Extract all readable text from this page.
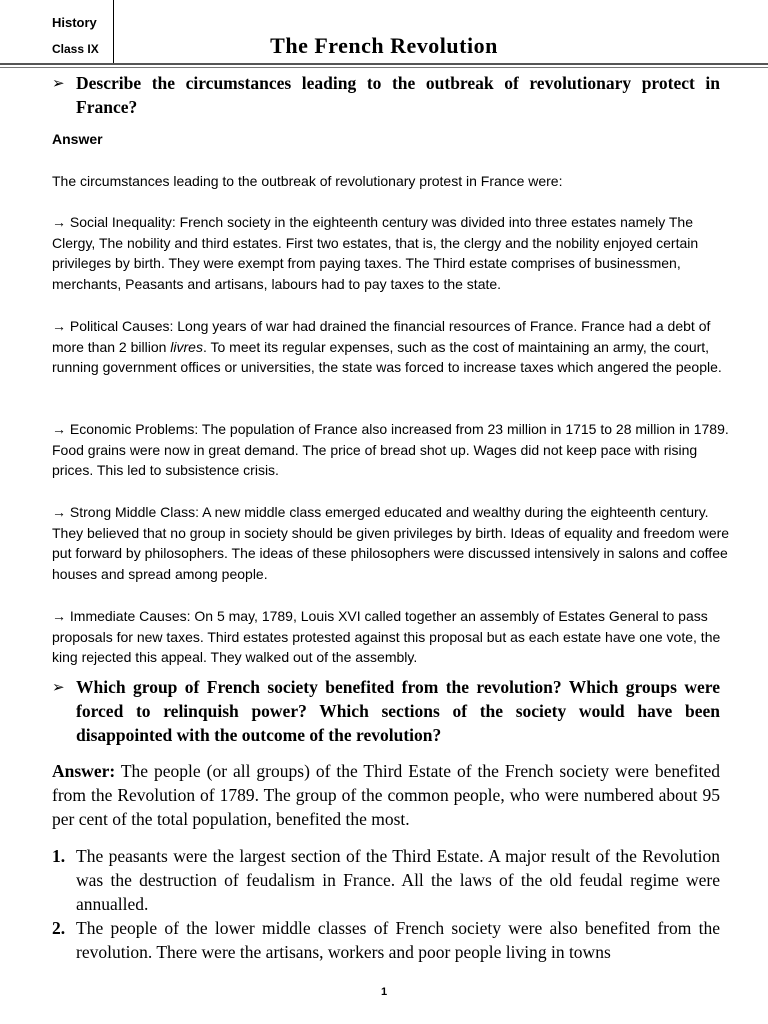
History
Class IX	The French Revolution
➢ Describe the circumstances leading to the outbreak of revolutionary protect in France?
Answer
The circumstances leading to the outbreak of revolutionary protest in France were:
→ Social Inequality: French society in the eighteenth century was divided into three estates namely The Clergy, The nobility and third estates. First two estates, that is, the clergy and the nobility enjoyed certain privileges by birth. They were exempt from paying taxes. The Third estate comprises of businessmen, merchants, Peasants and artisans, labours had to pay taxes to the state.
→ Political Causes: Long years of war had drained the financial resources of France. France had a debt of more than 2 billion livres. To meet its regular expenses, such as the cost of maintaining an army, the court, running government offices or universities, the state was forced to increase taxes which angered the people.
→ Economic Problems: The population of France also increased from 23 million in 1715 to 28 million in 1789. Food grains were now in great demand. The price of bread shot up. Wages did not keep pace with rising prices. This led to subsistence crisis.
→ Strong Middle Class: A new middle class emerged educated and wealthy during the eighteenth century. They believed that no group in society should be given privileges by birth. Ideas of equality and freedom were put forward by philosophers. The ideas of these philosophers were discussed intensively in salons and coffee houses and spread among people.
→ Immediate Causes: On 5 may, 1789, Louis XVI called together an assembly of Estates General to pass proposals for new taxes. Third estates protested against this proposal but as each estate have one vote, the king rejected this appeal. They walked out of the assembly.
➢ Which group of French society benefited from the revolution? Which groups were forced to relinquish power? Which sections of the society would have been disappointed with the outcome of the revolution?
Answer: The people (or all groups) of the Third Estate of the French society were benefited from the Revolution of 1789. The group of the common people, who were numbered about 95 per cent of the total population, benefited the most.
1. The peasants were the largest section of the Third Estate. A major result of the Revolution was the destruction of feudalism in France. All the laws of the old feudal regime were annualled.
2. The people of the lower middle classes of French society were also benefited from the revolution. There were the artisans, workers and poor people living in towns
1
